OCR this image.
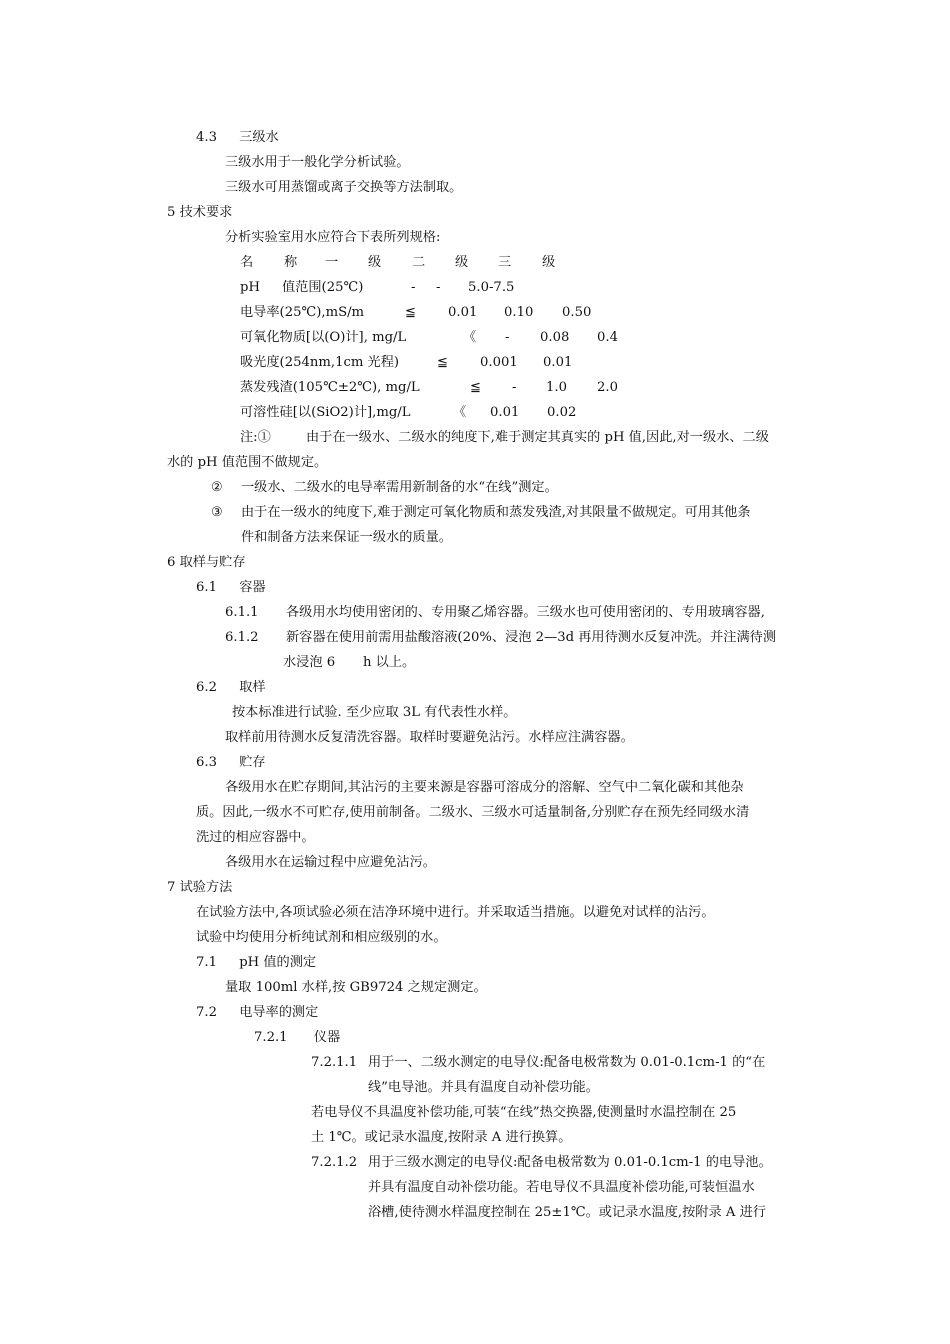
4.3 三级水
三级水用于一般化学分析试验。
三级水可用蒸馏或离子交换等方法制取。
5 技术要求
分析实验室用水应符合下表所列规格:
名 称 一 级 二 级 三 级
pH 值范围(25℃)	- - 5.0-7.5
电导率(25℃),mS/m	≦ 0.01 0.10 0.50
可氧化物质[以(O)计], mg/L	《 - 0.08 0.4
吸光度(254nm,1cm 光程)	≦ 0.001 0.01
蒸发残渣(105℃±2℃), mg/L	≦ - 1.0 2.0
可溶性硅[以(SiO2)计],mg/L	《 0.01 0.02
注:①	由于在一级水、二级水的纯度下,难于测定其真实的 pH 值,因此,对一级水、二级
水的 pH 值范围不做规定。
② 一级水、二级水的电导率需用新制备的水“在线”测定。
③ 由于在一级水的纯度下,难于测定可氧化物质和蒸发残渣,对其限量不做规定。可用其他条
件和制备方法来保证一级水的质量。
6 取样与贮存
6.1 容器
6.1.1 各级用水均使用密闭的、专用聚乙烯容器。三级水也可使用密闭的、专用玻璃容器,
6.1.2 新容器在使用前需用盐酸溶液(20%、浸泡 2—3d 再用待测水反复冲洗。并注满待测
水浸泡 6 h 以上。
6.2 取样
按本标准进行试验. 至少应取 3L 有代表性水样。
取样前用待测水反复清洗容器。取样时要避免沾污。水样应注满容器。
6.3 贮存
各级用水在贮存期间,其沾污的主要来源是容器可溶成分的溶解、空气中二氧化碳和其他杂
质。因此,一级水不可贮存,使用前制备。二级水、三级水可适量制备,分别贮存在预先经同级水清
洗过的相应容器中。
各级用水在运输过程中应避免沾污。
7 试验方法
在试验方法中,各项试验必须在洁净环境中进行。并采取适当措施。以避免对试样的沾污。
试验中均使用分析纯试剂和相应级别的水。
7.1 pH 值的测定
量取 100ml 水样,按 GB9724 之规定测定。
7.2 电导率的测定
7.2.1 仪器
7.2.1.1 用于一、二级水测定的电导仪:配备电极常数为 0.01-0.1cm-1 的“在
线”电导池。并具有温度自动补偿功能。
若电导仪不具温度补偿功能,可装“在线”热交换器,使测量时水温控制在 25
土 1℃。或记录水温度,按附录 A 进行换算。
7.2.1.2 用于三级水测定的电导仪:配备电极常数为 0.01-0.1cm-1 的电导池。
并具有温度自动补偿功能。若电导仪不具温度补偿功能,可装恒温水
浴槽,使待测水样温度控制在 25±1℃。或记录水温度,按附录 A 进行
